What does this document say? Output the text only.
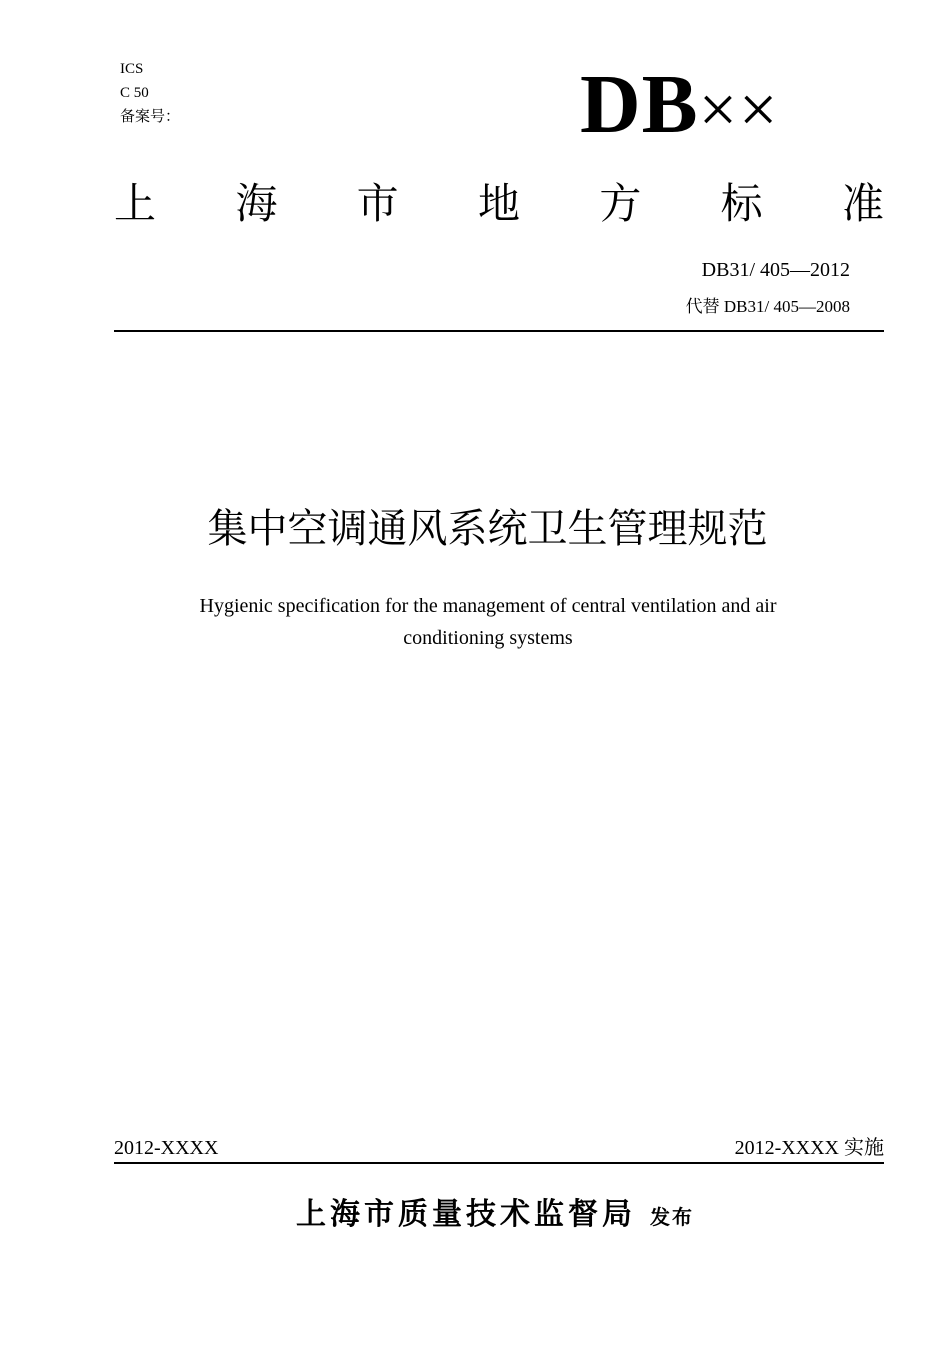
ICS
C 50
备案号：	DB××
上 海 市 地 方 标 准
DB31/ 405—2012
代替 DB31/ 405—2008
集中空调通风系统卫生管理规范
Hygienic specification for the management of central ventilation and air conditioning systems
2012-XXXX	2012-XXXX 实施
上海市质量技术监督局 发布
